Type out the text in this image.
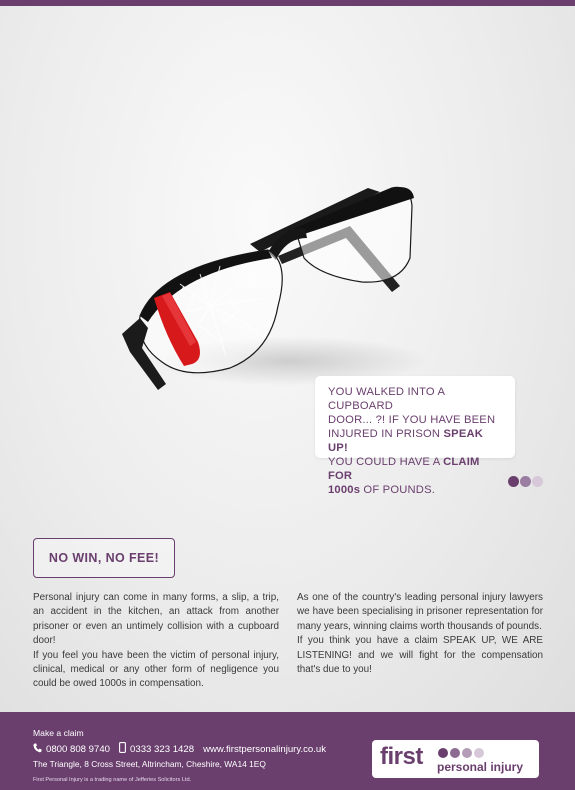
YOU WALKED INTO A CUPBOARD
DOOR... ?! IF YOU HAVE BEEN
INJURED IN PRISON SPEAK UP!
YOU COULD HAVE A CLAIM FOR
1000s OF POUNDS.
NO WIN, NO FEE!

Personal injury can come in many forms, a slip, a trip, an accident in the kitchen, an attack from another prisoner or even an untimely collision with a cupboard door!

If you feel you have been the victim of personal injury, clinical, medical or any other form of negligence you could be owed 1000s in compensation.

As one of the country's leading personal injury lawyers we have been specialising in prisoner representation for many years, winning claims worth thousands of pounds.

If you think you have a claim SPEAK UP, WE ARE LISTENING! and we will fight for the compensation that's due to you!

Make a claim
0800 808 9740 0333 323 1428 www.firstpersonalinjury.co.uk
The Triangle, 8 Cross Street, Altrincham, Cheshire, WA14 1EQ
First Personal Injury is a trading name of Jefferies Solicitors Ltd.
first personal injury
